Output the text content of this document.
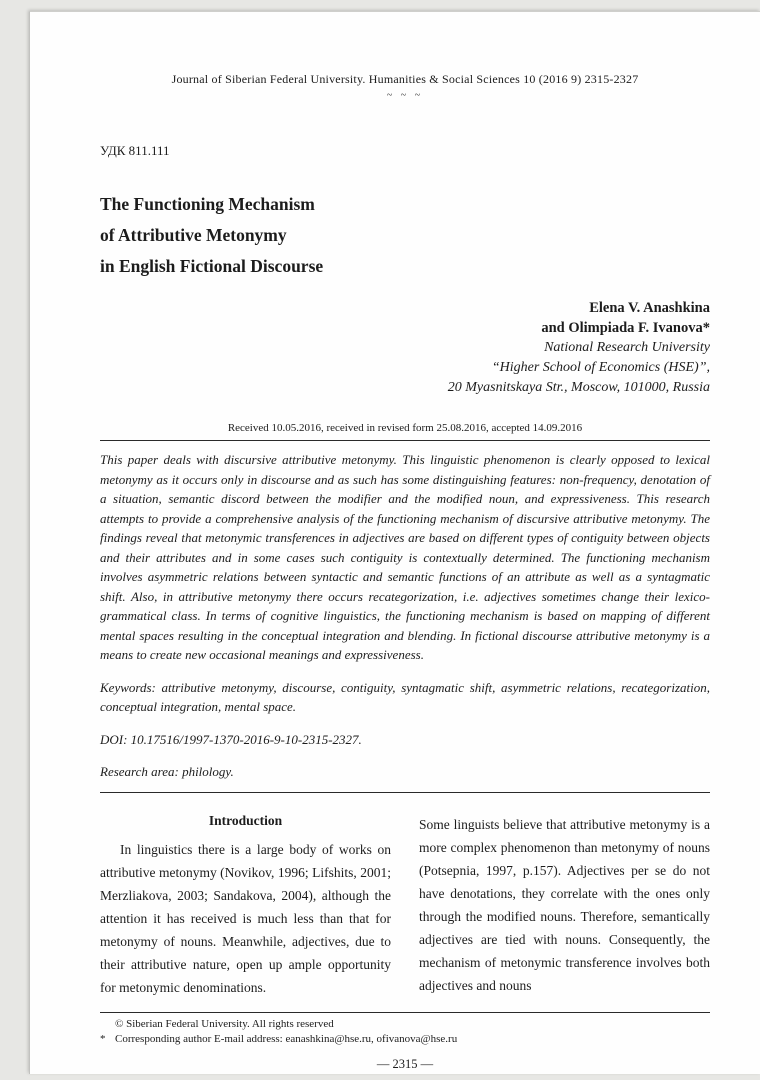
Journal of Siberian Federal University. Humanities & Social Sciences 10 (2016 9) 2315-2327
~ ~ ~
УДК 811.111
The Functioning Mechanism
of Attributive Metonymy
in English Fictional Discourse
Elena V. Anashkina
and Olimpiada F. Ivanova*
National Research University
“Higher School of Economics (HSE)”,
20 Myasnitskaya Str., Moscow, 101000, Russia
Received 10.05.2016, received in revised form 25.08.2016, accepted 14.09.2016
This paper deals with discursive attributive metonymy. This linguistic phenomenon is clearly opposed to lexical metonymy as it occurs only in discourse and as such has some distinguishing features: non-frequency, denotation of a situation, semantic discord between the modifier and the modified noun, and expressiveness. This research attempts to provide a comprehensive analysis of the functioning mechanism of discursive attributive metonymy. The findings reveal that metonymic transferences in adjectives are based on different types of contiguity between objects and their attributes and in some cases such contiguity is contextually determined. The functioning mechanism involves asymmetric relations between syntactic and semantic functions of an attribute as well as a syntagmatic shift. Also, in attributive metonymy there occurs recategorization, i.e. adjectives sometimes change their lexico-grammatical class. In terms of cognitive linguistics, the functioning mechanism is based on mapping of different mental spaces resulting in the conceptual integration and blending. In fictional discourse attributive metonymy is a means to create new occasional meanings and expressiveness.
Keywords: attributive metonymy, discourse, contiguity, syntagmatic shift, asymmetric relations, recategorization, conceptual integration, mental space.
DOI: 10.17516/1997-1370-2016-9-10-2315-2327.
Research area: philology.
Introduction
In linguistics there is a large body of works on attributive metonymy (Novikov, 1996; Lifshits, 2001; Merzliakova, 2003; Sandakova, 2004), although the attention it has received is much less than that for metonymy of nouns. Meanwhile, adjectives, due to their attributive nature, open up ample opportunity for metonymic denominations.
Some linguists believe that attributive metonymy is a more complex phenomenon than metonymy of nouns (Potsepnia, 1997, p.157). Adjectives per se do not have denotations, they correlate with the ones only through the modified nouns. Therefore, semantically adjectives are tied with nouns. Consequently, the mechanism of metonymic transference involves both adjectives and nouns
© Siberian Federal University. All rights reserved
* Corresponding author E-mail address: eanashkina@hse.ru, ofivanova@hse.ru
— 2315 —
